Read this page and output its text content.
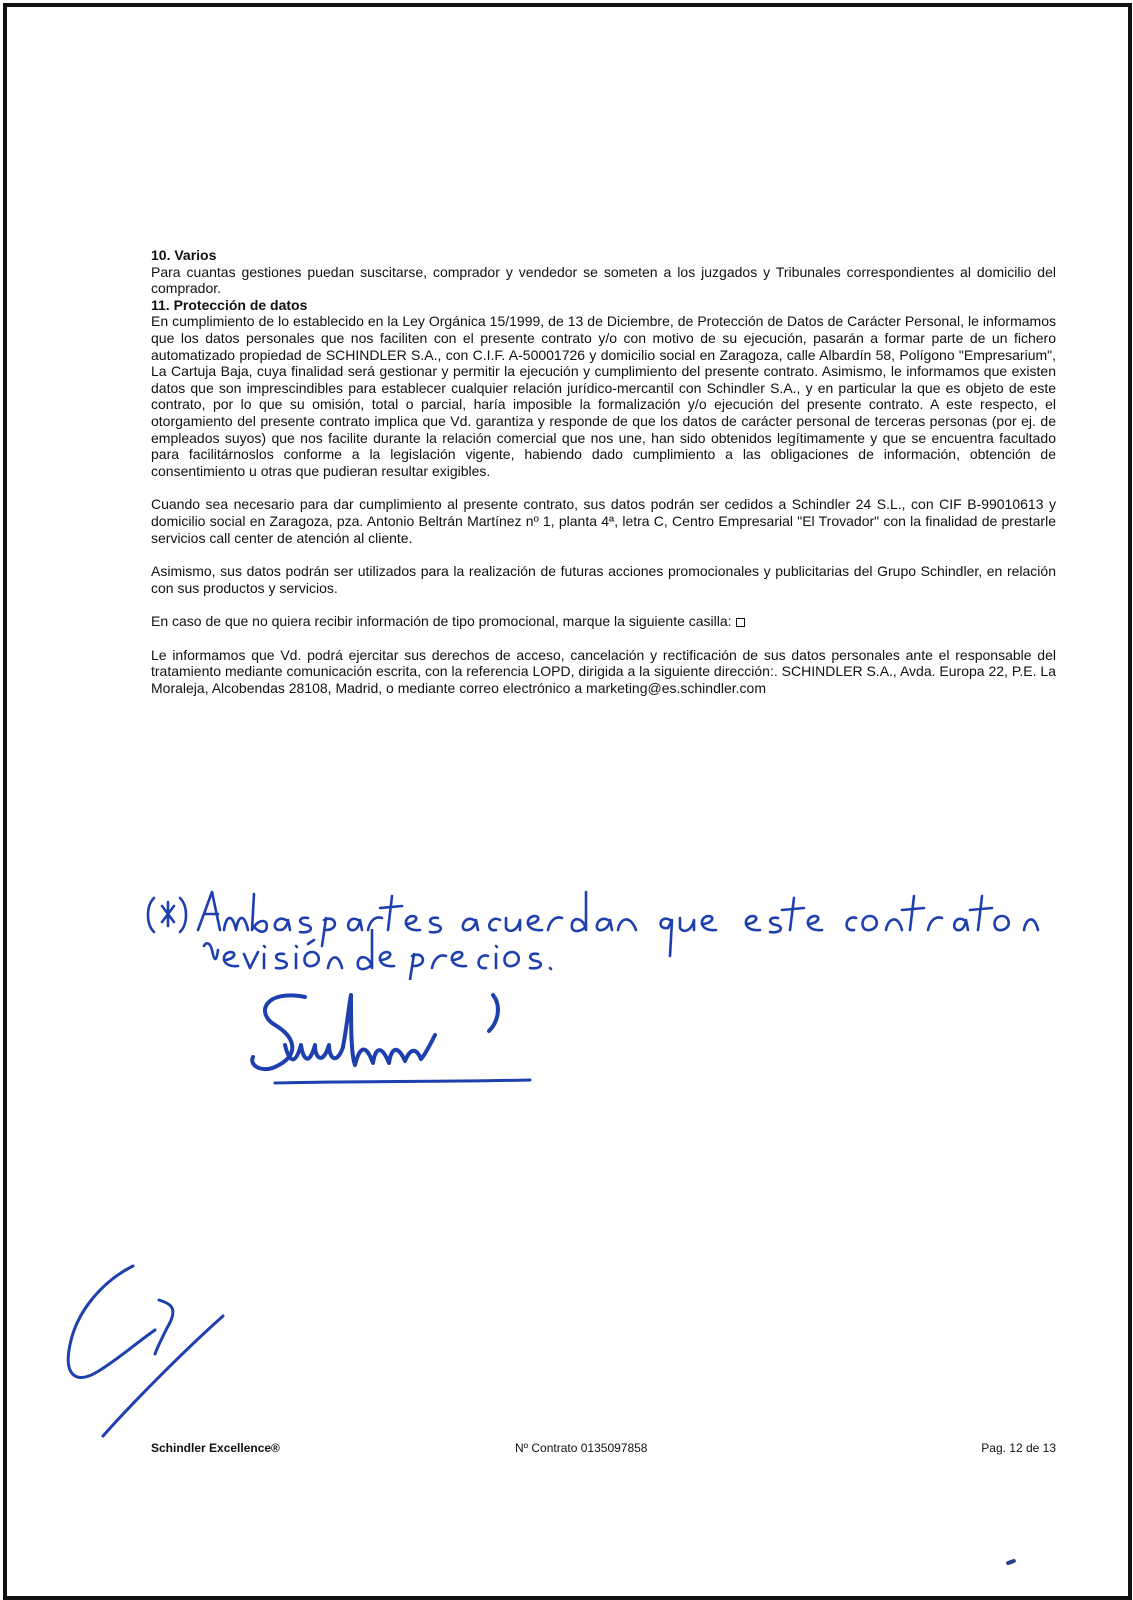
10. Varios

Para cuantas gestiones puedan suscitarse, comprador y vendedor se someten a los juzgados y Tribunales correspondientes al domicilio del comprador.

11. Protección de datos

En cumplimiento de lo establecido en la Ley Orgánica 15/1999, de 13 de Diciembre, de Protección de Datos de Carácter Personal, le informamos que los datos personales que nos faciliten con el presente contrato y/o con motivo de su ejecución, pasarán a formar parte de un fichero automatizado propiedad de SCHINDLER S.A., con C.I.F. A-50001726 y domicilio social en Zaragoza, calle Albardín 58, Polígono "Empresarium", La Cartuja Baja, cuya finalidad será gestionar y permitir la ejecución y cumplimiento del presente contrato. Asimismo, le informamos que existen datos que son imprescindibles para establecer cualquier relación jurídico-mercantil con Schindler S.A., y en particular la que es objeto de este contrato, por lo que su omisión, total o parcial, haría imposible la formalización y/o ejecución del presente contrato. A este respecto, el otorgamiento del presente contrato implica que Vd. garantiza y responde de que los datos de carácter personal de terceras personas (por ej. de empleados suyos) que nos facilite durante la relación comercial que nos une, han sido obtenidos legítimamente y que se encuentra facultado para facilitárnoslos conforme a la legislación vigente, habiendo dado cumplimiento a las obligaciones de información, obtención de consentimiento u otras que pudieran resultar exigibles.

Cuando sea necesario para dar cumplimiento al presente contrato, sus datos podrán ser cedidos a Schindler 24 S.L., con CIF B-99010613 y domicilio social en Zaragoza, pza. Antonio Beltrán Martínez nº 1, planta 4ª, letra C, Centro Empresarial "El Trovador" con la finalidad de prestarle servicios call center de atención al cliente.

Asimismo, sus datos podrán ser utilizados para la realización de futuras acciones promocionales y publicitarias del Grupo Schindler, en relación con sus productos y servicios.

En caso de que no quiera recibir información de tipo promocional, marque la siguiente casilla:

Le informamos que Vd. podrá ejercitar sus derechos de acceso, cancelación y rectificación de sus datos personales ante el responsable del tratamiento mediante comunicación escrita, con la referencia LOPD, dirigida a la siguiente dirección:. SCHINDLER S.A., Avda. Europa 22, P.E. La Moraleja, Alcobendas 28108, Madrid, o mediante correo electrónico a marketing@es.schindler.com

Schindler Excellence®	Nº Contrato 0135097858	Pag. 12 de 13
